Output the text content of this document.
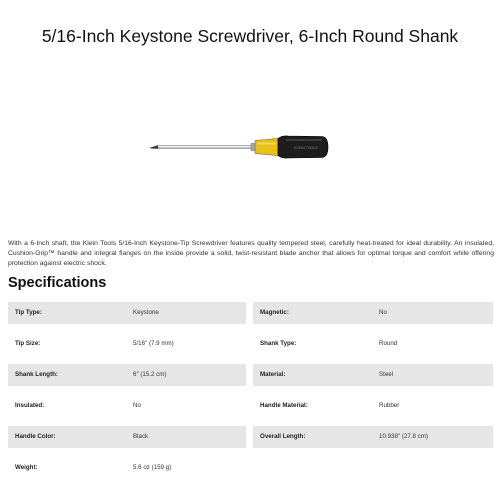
5/16-Inch Keystone Screwdriver, 6-Inch Round Shank
KLEIN TOOLS
With a 6-Inch shaft, the Klein Tools 5/16-Inch Keystone-Tip Screwdriver features quality tempered steel, carefully heat-treated for ideal durability. An insulated, Cushion-Grip™ handle and integral flanges on the inside provide a solid, twist-resistant blade anchor that allows for optimal torque and comfort while offering protection against electric shock.
Specifications
Tip Type:	Keystone	Magnetic:	No
Tip Size:	5/16" (7.9 mm)	Shank Type:	Round
Shank Length:	6" (15.2 cm)	Material:	Steel
Insulated:	No	Handle Material:	Rubber
Handle Color:	Black	Overall Length:	10.938" (27.8 cm)
Weight:	5.6 oz (159 g)
